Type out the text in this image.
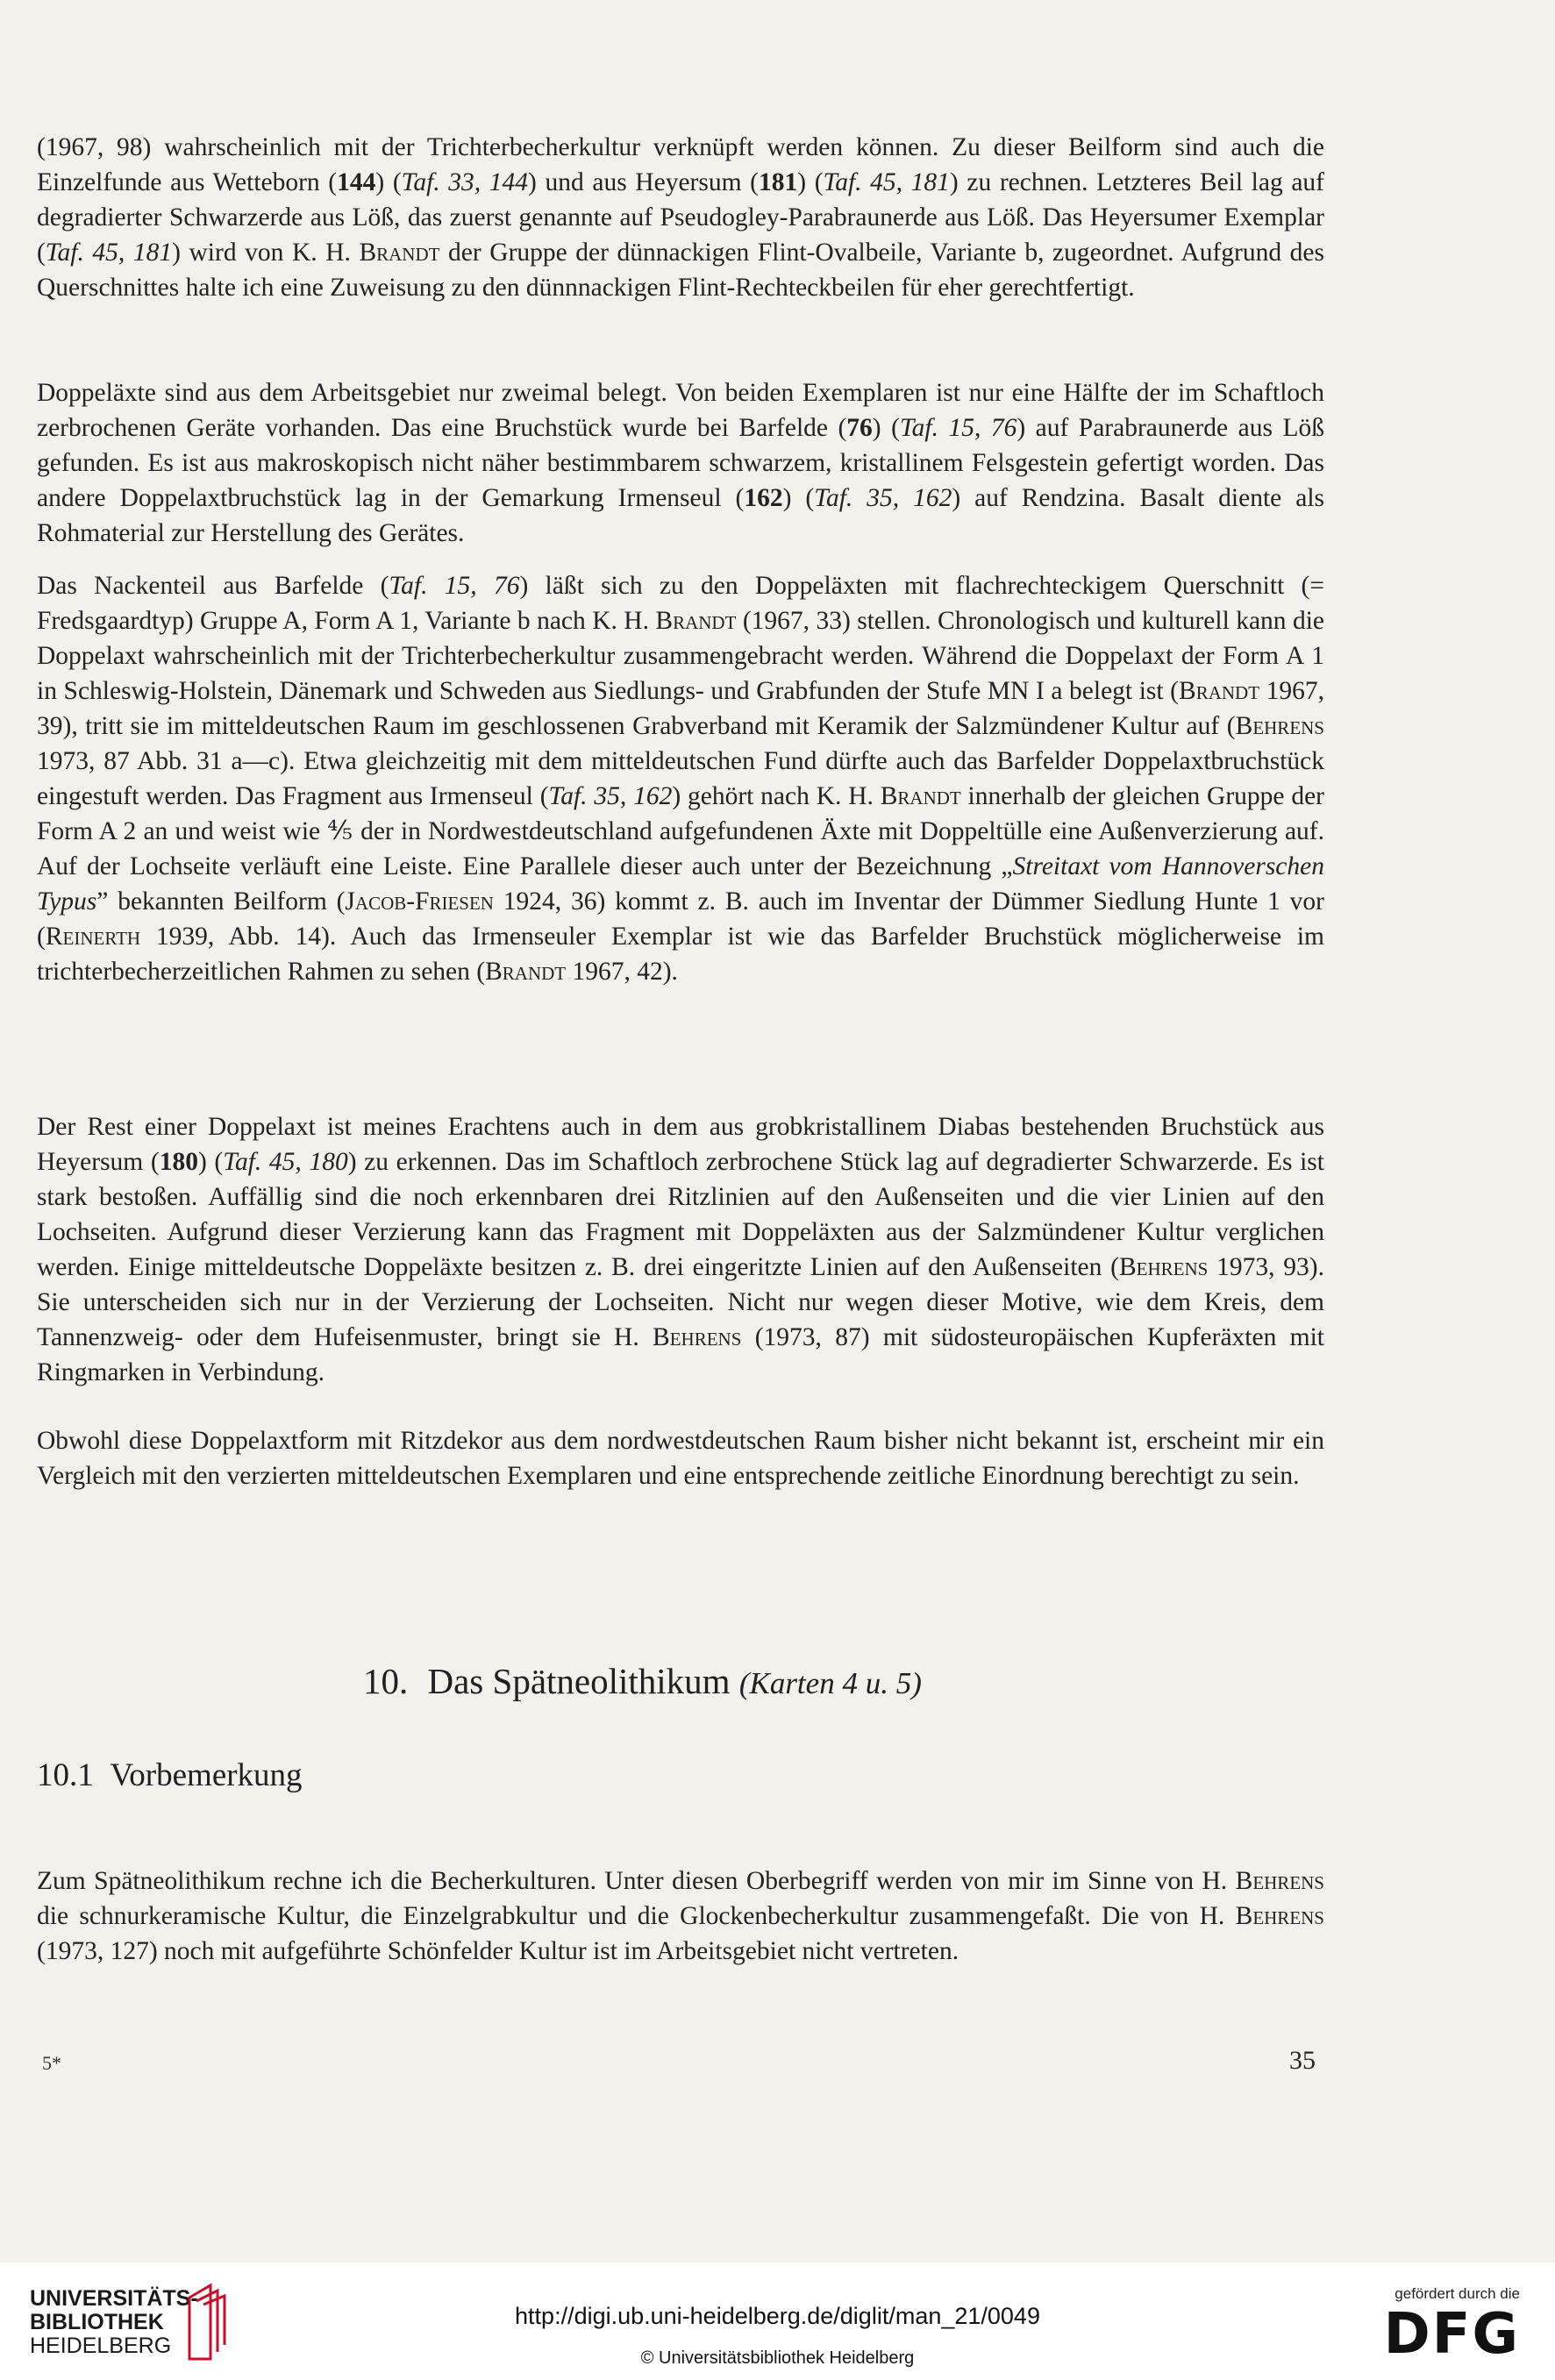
(1967, 98) wahrscheinlich mit der Trichterbecherkultur verknüpft werden können. Zu dieser Beilform sind auch die Einzelfunde aus Wetteborn (144) (Taf. 33, 144) und aus Heyersum (181) (Taf. 45, 181) zu rechnen. Letzteres Beil lag auf degradierter Schwarzerde aus Löß, das zuerst genannte auf Pseudogley-Parabraunerde aus Löß. Das Heyersumer Exemplar (Taf. 45, 181) wird von K. H. Brandt der Gruppe der dünnackigen Flint-Ovalbeile, Variante b, zugeordnet. Aufgrund des Querschnittes halte ich eine Zuweisung zu den dünnnackigen Flint-Rechteckbeilen für eher gerechtfertigt.

Doppeläxte sind aus dem Arbeitsgebiet nur zweimal belegt. Von beiden Exemplaren ist nur eine Hälfte der im Schaftloch zerbrochenen Geräte vorhanden. Das eine Bruchstück wurde bei Barfelde (76) (Taf. 15, 76) auf Parabraunerde aus Löß gefunden. Es ist aus makroskopisch nicht näher bestimmbarem schwarzem, kristallinem Felsgestein gefertigt worden. Das andere Doppelaxtbruchstück lag in der Gemarkung Irmenseul (162) (Taf. 35, 162) auf Rendzina. Basalt diente als Rohmaterial zur Herstellung des Gerätes.

Das Nackenteil aus Barfelde (Taf. 15, 76) läßt sich zu den Doppeläxten mit flachrechteckigem Querschnitt (= Fredsgaardtyp) Gruppe A, Form A 1, Variante b nach K. H. Brandt (1967, 33) stellen. Chronologisch und kulturell kann die Doppelaxt wahrscheinlich mit der Trichterbecherkultur zusammengebracht werden. Während die Doppelaxt der Form A 1 in Schleswig-Holstein, Dänemark und Schweden aus Siedlungs- und Grabfunden der Stufe MN I a belegt ist (Brandt 1967, 39), tritt sie im mitteldeutschen Raum im geschlossenen Grabverband mit Keramik der Salzmündener Kultur auf (Behrens 1973, 87 Abb. 31 a—c). Etwa gleichzeitig mit dem mitteldeutschen Fund dürfte auch das Barfelder Doppelaxtbruchstück eingestuft werden. Das Fragment aus Irmenseul (Taf. 35, 162) gehört nach K. H. Brandt innerhalb der gleichen Gruppe der Form A 2 an und weist wie ⅘ der in Nordwestdeutschland aufgefundenen Äxte mit Doppeltülle eine Außenverzierung auf. Auf der Lochseite verläuft eine Leiste. Eine Parallele dieser auch unter der Bezeichnung „Streitaxt vom Hannoverschen Typus” bekannten Beilform (Jacob-Friesen 1924, 36) kommt z. B. auch im Inventar der Dümmer Siedlung Hunte 1 vor (Reinerth 1939, Abb. 14). Auch das Irmenseuler Exemplar ist wie das Barfelder Bruchstück möglicherweise im trichterbecherzeitlichen Rahmen zu sehen (Brandt 1967, 42).

Der Rest einer Doppelaxt ist meines Erachtens auch in dem aus grobkristallinem Diabas bestehenden Bruchstück aus Heyersum (180) (Taf. 45, 180) zu erkennen. Das im Schaftloch zerbrochene Stück lag auf degradierter Schwarzerde. Es ist stark bestoßen. Auffällig sind die noch erkennbaren drei Ritzlinien auf den Außenseiten und die vier Linien auf den Lochseiten. Aufgrund dieser Verzierung kann das Fragment mit Doppeläxten aus der Salzmündener Kultur verglichen werden. Einige mitteldeutsche Doppeläxte besitzen z. B. drei eingeritzte Linien auf den Außenseiten (Behrens 1973, 93). Sie unterscheiden sich nur in der Verzierung der Lochseiten. Nicht nur wegen dieser Motive, wie dem Kreis, dem Tannenzweig- oder dem Hufeisenmuster, bringt sie H. Behrens (1973, 87) mit südosteuropäischen Kupferäxten mit Ringmarken in Verbindung.

Obwohl diese Doppelaxtform mit Ritzdekor aus dem nordwestdeutschen Raum bisher nicht bekannt ist, erscheint mir ein Vergleich mit den verzierten mitteldeutschen Exemplaren und eine entsprechende zeitliche Einordnung berechtigt zu sein.

10. Das Spätneolithikum (Karten 4 u. 5)
10.1 Vorbemerkung

Zum Spätneolithikum rechne ich die Becherkulturen. Unter diesen Oberbegriff werden von mir im Sinne von H. Behrens die schnurkeramische Kultur, die Einzelgrabkultur und die Glockenbecherkultur zusammengefaßt. Die von H. Behrens (1973, 127) noch mit aufgeführte Schönfelder Kultur ist im Arbeitsgebiet nicht vertreten.

5*	35
UNIVERSITÄTS-
BIBLIOTHEK
HEIDELBERG
http://digi.ub.uni-heidelberg.de/diglit/man_21/0049
© Universitätsbibliothek Heidelberg
gefördert durch die
DFG
